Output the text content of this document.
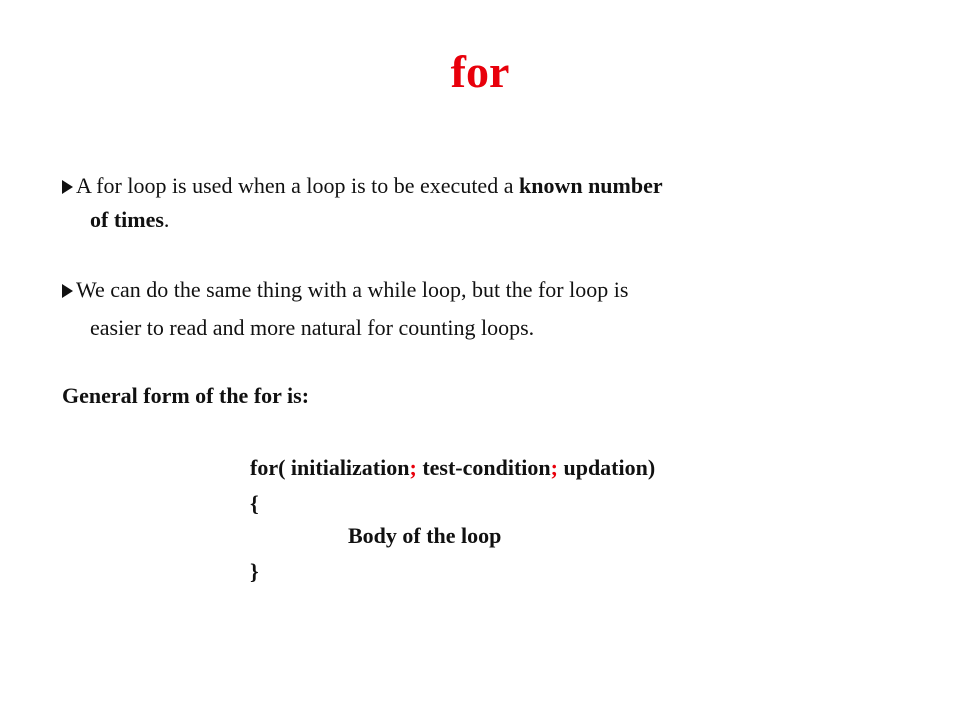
for
A for loop is used when a loop is to be executed a known number
of times.
We can do the same thing with a while loop, but the for loop is
easier to read and more natural for counting loops.
General form of the for is:
for( initialization; test-condition; updation)
{
Body of the loop
}
